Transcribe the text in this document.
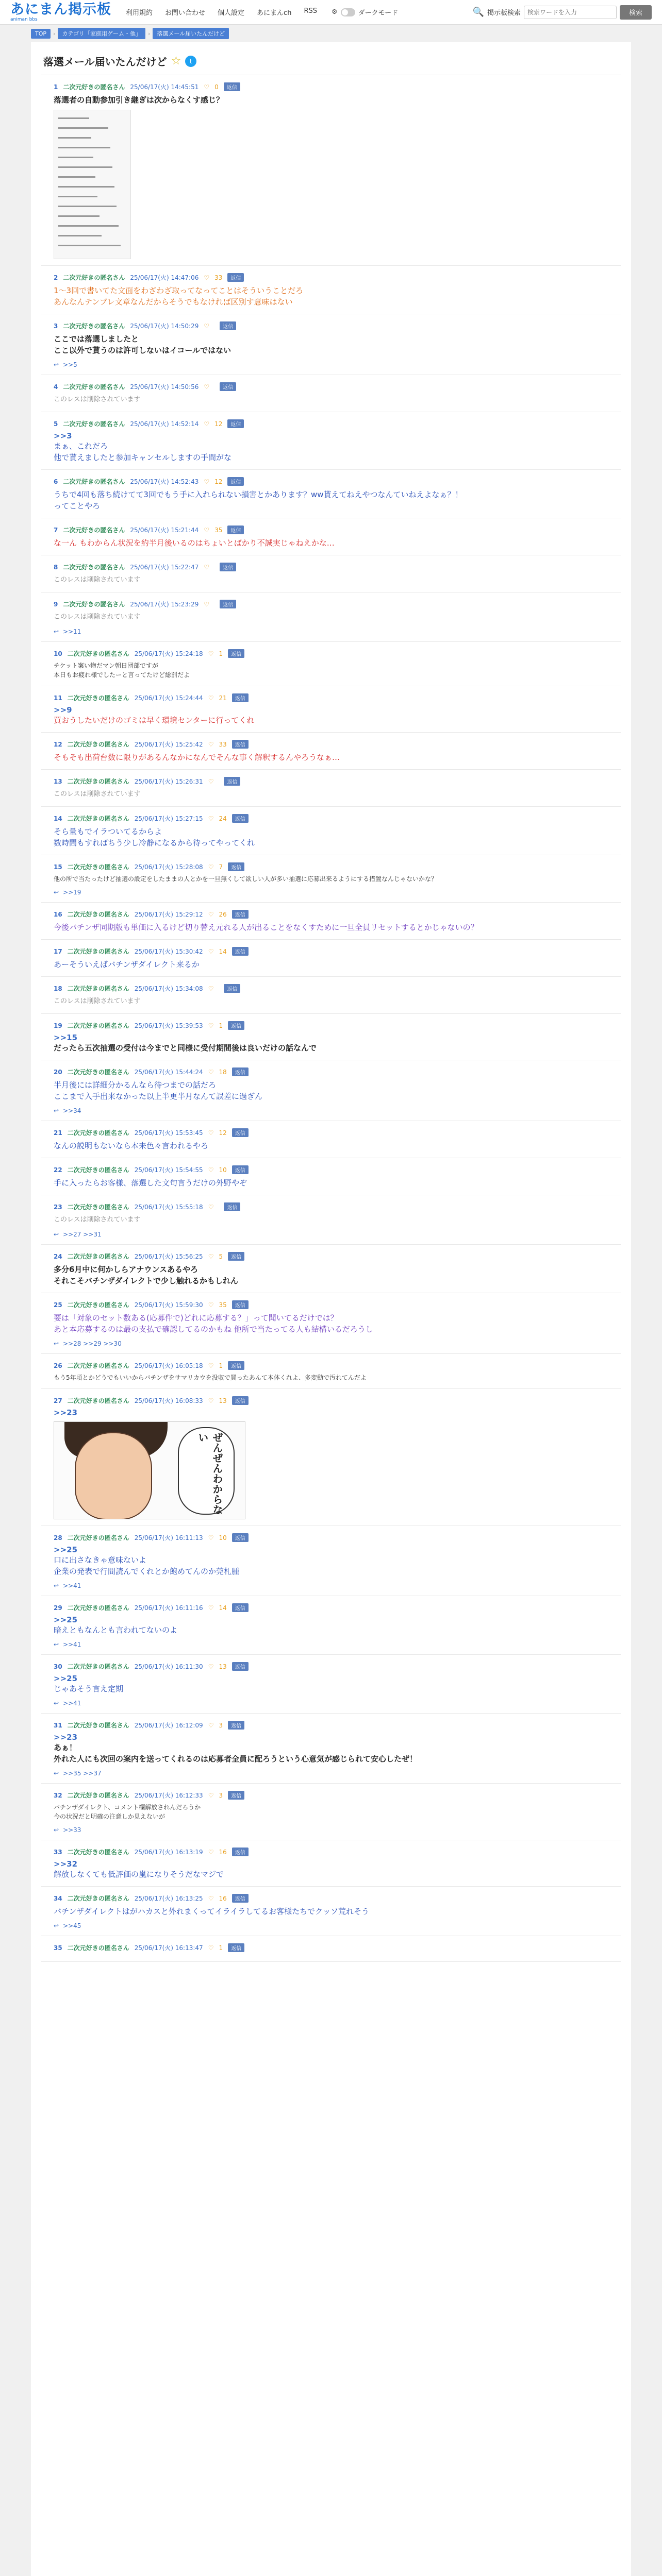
あにまん掲示板
animan bbs
利用規約 お問い合わせ 個人設定 あにまんch RSS ⚙	ダークモード	🔍 掲示板検索
検索ワードを入力	検索
TOP	›	カテゴリ「家庭用ゲーム・他」	›	落選メール届いたんだけど
落選メール届いたんだけど ☆	t
1 二次元好きの匿名さん 25/06/17(火) 14:45:51 ♡ 0	返信
落選者の自動参加引き継ぎは次からなくす感じ？
2 二次元好きの匿名さん 25/06/17(火) 14:47:06 ♡ 33	返信
1〜3回で書いてた文面をわざわざ取ってなってことはそういうことだろ
あんなんテンプレ文章なんだからそうでもなければ区別す意味はない
3 二次元好きの匿名さん 25/06/17(火) 14:50:29 ♡	返信
ここでは落選しましたと
ここ以外で貰うのは許可しないはイコールではない
↩ >>5
4 二次元好きの匿名さん 25/06/17(火) 14:50:56 ♡	返信
このレスは削除されています
5 二次元好きの匿名さん 25/06/17(火) 14:52:14 ♡ 12	返信
>>3
まぁ、これだろ
他で貰えましたと参加キャンセルしますの手間がな
6 二次元好きの匿名さん 25/06/17(火) 14:52:43 ♡ 12	返信
うちで4回も落ち続けてて3回でもう手に入れられない損害とかあります？ww貰えてねえやつなんていねえよなぁ？！
ってことやろ
7 二次元好きの匿名さん 25/06/17(火) 15:21:44 ♡ 35	返信
な一ん もわからん状況を約半月後いるのはちょいとばかり不誠実じゃねえかな…
8 二次元好きの匿名さん 25/06/17(火) 15:22:47 ♡	返信
このレスは削除されています
9 二次元好きの匿名さん 25/06/17(火) 15:23:29 ♡	返信
このレスは削除されています
↩ >>11
10 二次元好きの匿名さん 25/06/17(火) 15:24:18 ♡ 1	返信
チケット案い物だマン朝日団部ですが
本日もお疲れ様でしたーと言ってたけど総罰だよ
11 二次元好きの匿名さん 25/06/17(火) 15:24:44 ♡ 21	返信
>>9
買おうしたいだけのゴミは早く環境センターに行ってくれ
12 二次元好きの匿名さん 25/06/17(火) 15:25:42 ♡ 33	返信
そもそも出荷台数に限りがあるんなかになんでそんな事く解釈するんやろうなぁ…
13 二次元好きの匿名さん 25/06/17(火) 15:26:31 ♡	返信
このレスは削除されています
14 二次元好きの匿名さん 25/06/17(火) 15:27:15 ♡ 24	返信
そら量もでイラついてるからよ
数時間もすればちう少し冷静になるから待ってやってくれ
15 二次元好きの匿名さん 25/06/17(火) 15:28:08 ♡ 7	返信
他の所で当たったけど抽選の設定をしたままの人とかを一旦無くして欲しい人が多い抽選に応募出来るようにする措置なんじゃないかな？
↩ >>19
16 二次元好きの匿名さん 25/06/17(火) 15:29:12 ♡ 26	返信
今後バチンザ同期版も単価に入るけど切り替え元れる人が出ることをなくすために一旦全員リセットするとかじゃないの？
17 二次元好きの匿名さん 25/06/17(火) 15:30:42 ♡ 14	返信
あーそういえばバチンザダイレクト来るか
18 二次元好きの匿名さん 25/06/17(火) 15:34:08 ♡	返信
このレスは削除されています
19 二次元好きの匿名さん 25/06/17(火) 15:39:53 ♡ 1	返信
>>15
だったら五次抽選の受付は今までと同様に受付期間後は良いだけの話なんで
20 二次元好きの匿名さん 25/06/17(火) 15:44:24 ♡ 18	返信
半月後には詳細分かるんなら待つまでの話だろ
ここまで入手出来なかった以上半更半月なんて誤差に過ぎん
↩ >>34
21 二次元好きの匿名さん 25/06/17(火) 15:53:45 ♡ 12	返信
なんの説明もないなら本来色々言われるやろ
22 二次元好きの匿名さん 25/06/17(火) 15:54:55 ♡ 10	返信
手に入ったらお客様、落選した文句言うだけの外野やぞ
23 二次元好きの匿名さん 25/06/17(火) 15:55:18 ♡	返信
このレスは削除されています
↩ >>27 >>31
24 二次元好きの匿名さん 25/06/17(火) 15:56:25 ♡ 5	返信
多分6月中に何かしらアナウンスあるやろ
それこそバチンザダイレクトで少し触れるかもしれん
25 二次元好きの匿名さん 25/06/17(火) 15:59:30 ♡ 35	返信
要は「対象のセット数ある(応募件で)どれに応募する？」って聞いてるだけでは？
あと本応募するのは最の支払で確認してるのかもね 他所で当たってる人も結構いるだろうし
↩ >>28 >>29 >>30
26 二次元好きの匿名さん 25/06/17(火) 16:05:18 ♡ 1	返信
もう5年頃とかどうでもいいからバチンザをサマリカウを没収で買ったあんて本体くれよ、多変動で汚れてんだよ
27 二次元好きの匿名さん 25/06/17(火) 16:08:33 ♡ 13	返信
>>23
ぜんぜんわからない
28 二次元好きの匿名さん 25/06/17(火) 16:11:13 ♡ 10	返信
>>25
口に出さなきゃ意味ないよ
企業の発表で行間読んでくれとか飽めてんのか莞札腫
↩ >>41
29 二次元好きの匿名さん 25/06/17(火) 16:11:16 ♡ 14	返信
>>25
暗えともなんとも言われてないのよ
↩ >>41
30 二次元好きの匿名さん 25/06/17(火) 16:11:30 ♡ 13	返信
>>25
じゃあそう言え定期
↩ >>41
31 二次元好きの匿名さん 25/06/17(火) 16:12:09 ♡ 3	返信
>>23
あぁ！
外れた人にも次回の案内を送ってくれるのは応募者全員に配ろうという心意気が感じられて安心したぜ！
↩ >>35 >>37
32 二次元好きの匿名さん 25/06/17(火) 16:12:33 ♡ 3	返信
バチンザダイレクト、コメント欄解放されんだろうか
今の状況だと明確の注意しか見えないが
↩ >>33
33 二次元好きの匿名さん 25/06/17(火) 16:13:19 ♡ 16	返信
>>32
解放しなくても低評価の嵐になりそうだなマジで
34 二次元好きの匿名さん 25/06/17(火) 16:13:25 ♡ 16	返信
バチンザダイレクトはがハカスと外れまくってイライラしてるお客様たちでクッソ荒れそう
↩ >>45
35 二次元好きの匿名さん 25/06/17(火) 16:13:47 ♡ 1	返信
